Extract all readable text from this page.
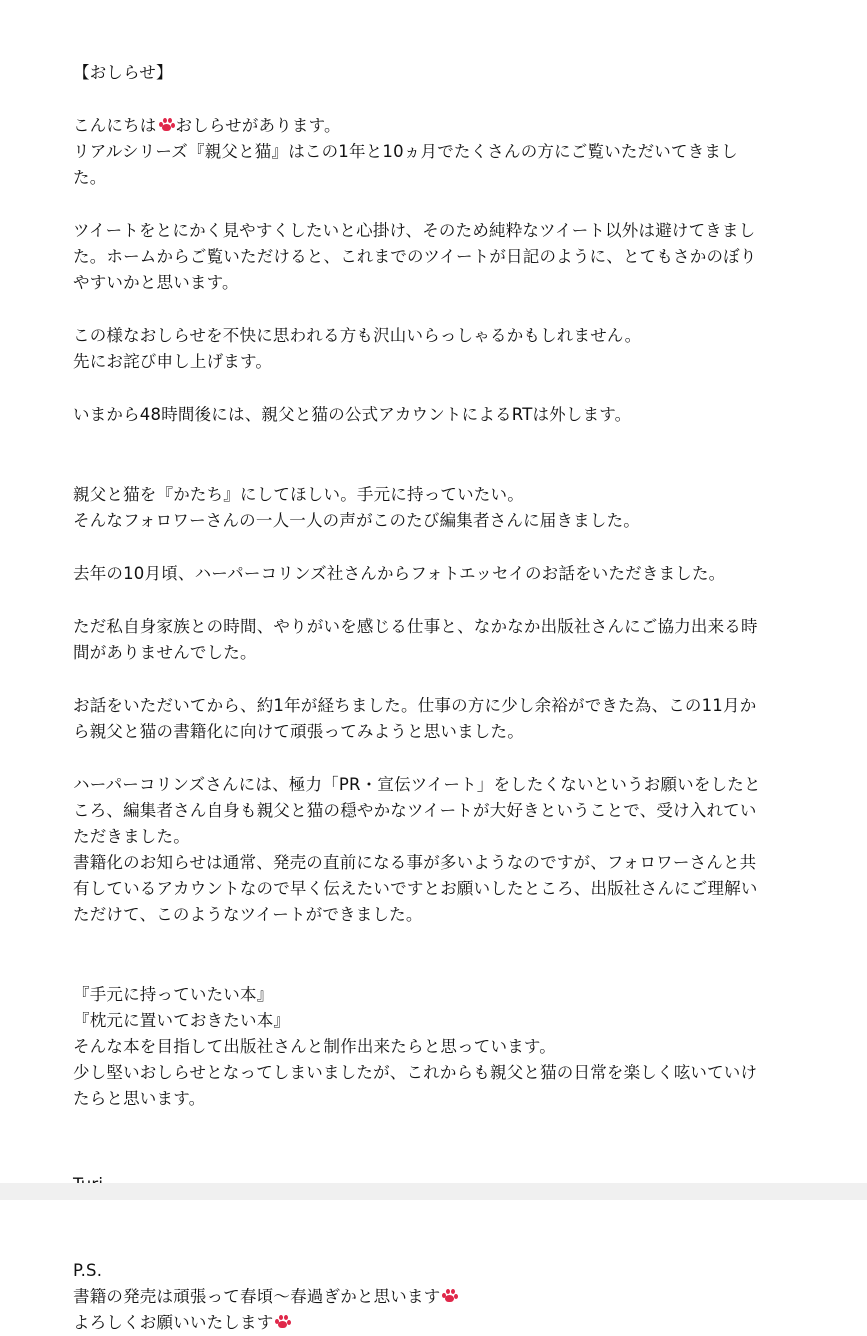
【おしらせ】
こんにちは おしらせがあります。
リアルシリーズ『親父と猫』はこの1年と10ヵ月でたくさんの方にご覧いただいてきまし
た。
ツイートをとにかく見やすくしたいと心掛け、そのため純粋なツイート以外は避けてきまし
た。ホームからご覧いただけると、これまでのツイートが日記のように、とてもさかのぼり
やすいかと思います。
この様なおしらせを不快に思われる方も沢山いらっしゃるかもしれません。
先にお詫び申し上げます。
いまから48時間後には、親父と猫の公式アカウントによるRTは外します。
親父と猫を『かたち』にしてほしい。手元に持っていたい。
そんなフォロワーさんの一人一人の声がこのたび編集者さんに届きました。
去年の10月頃、ハーパーコリンズ社さんからフォトエッセイのお話をいただきました。
ただ私自身家族との時間、やりがいを感じる仕事と、なかなか出版社さんにご協力出来る時
間がありませんでした。
お話をいただいてから、約1年が経ちました。仕事の方に少し余裕ができた為、この11月か
ら親父と猫の書籍化に向けて頑張ってみようと思いました。
ハーパーコリンズさんには、極力「PR・宣伝ツイート」をしたくないというお願いをしたと
ころ、編集者さん自身も親父と猫の穏やかなツイートが大好きということで、受け入れてい
ただきました。
書籍化のお知らせは通常、発売の直前になる事が多いようなのですが、フォロワーさんと共
有しているアカウントなので早く伝えたいですとお願いしたところ、出版社さんにご理解い
ただけて、このようなツイートができました。
『手元に持っていたい本』
『枕元に置いておきたい本』
そんな本を目指して出版社さんと制作出来たらと思っています。
少し堅いおしらせとなってしまいましたが、これからも親父と猫の日常を楽しく呟いていけ
たらと思います。
P.S.
書籍の発売は頑張って春頃〜春過ぎかと思います
よろしくお願いいたします
